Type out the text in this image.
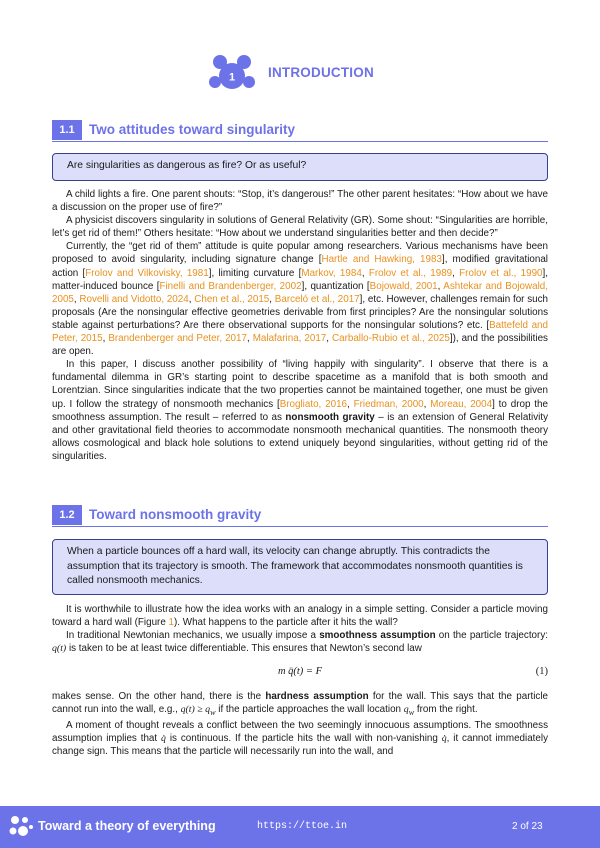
1 INTRODUCTION
1.1	Two attitudes toward singularity
Are singularities as dangerous as fire? Or as useful?

A child lights a fire. One parent shouts: “Stop, it’s dangerous!” The other parent hesitates: “How about we have a discussion on the proper use of fire?”

A physicist discovers singularity in solutions of General Relativity (GR). Some shout: “Singularities are horrible, let’s get rid of them!” Others hesitate: “How about we understand singularities better and then decide?”

Currently, the “get rid of them” attitude is quite popular among researchers. Various mechanisms have been proposed to avoid singularity, including signature change [Hartle and Hawking, 1983], modified gravitational action [Frolov and Vilkovisky, 1981], limiting curvature [Markov, 1984, Frolov et al., 1989, Frolov et al., 1990], matter-induced bounce [Finelli and Brandenberger, 2002], quantization [Bojowald, 2001, Ashtekar and Bojowald, 2005, Rovelli and Vidotto, 2024, Chen et al., 2015, Barceló et al., 2017], etc. However, challenges remain for such proposals (Are the nonsingular effective geometries derivable from first principles? Are the nonsingular solutions stable against perturbations? Are there observational supports for the nonsingular solutions? etc. [Battefeld and Peter, 2015, Brandenberger and Peter, 2017, Malafarina, 2017, Carballo-Rubio et al., 2025]), and the possibilities are open.

In this paper, I discuss another possibility of “living happily with singularity”. I observe that there is a fundamental dilemma in GR’s starting point to describe spacetime as a manifold that is both smooth and Lorentzian. Since singularities indicate that the two properties cannot be maintained together, one must be given up. I follow the strategy of nonsmooth mechanics [Brogliato, 2016, Friedman, 2000, Moreau, 2004] to drop the smoothness assumption. The result – referred to as nonsmooth gravity – is an extension of General Relativity and other gravitational field theories to accommodate nonsmooth mechanical quantities. The nonsmooth theory allows cosmological and black hole solutions to extend uniquely beyond singularities, without getting rid of the singularities.

1.2	Toward nonsmooth gravity
When a particle bounces off a hard wall, its velocity can change abruptly. This contradicts the assumption that its trajectory is smooth. The framework that accommodates nonsmooth quantities is called nonsmooth mechanics.

It is worthwhile to illustrate how the idea works with an analogy in a simple setting. Consider a particle moving toward a hard wall (Figure 1). What happens to the particle after it hits the wall?

In traditional Newtonian mechanics, we usually impose a smoothness assumption on the particle trajectory: q(t) is taken to be at least twice differentiable. This ensures that Newton’s second law

m q̈(t) = F	(1)

makes sense. On the other hand, there is the hardness assumption for the wall. This says that the particle cannot run into the wall, e.g., $q(t) \ge q_w$ if the particle approaches the wall location $q_w$ from the right.

A moment of thought reveals a conflict between the two seemingly innocuous assumptions. The smoothness assumption implies that q̇ is continuous. If the particle hits the wall with non-vanishing q̇, it cannot immediately change sign. This means that the particle will necessarily run into the wall, and

Toward a theory of everything	https://ttoe.in	2 of 23
